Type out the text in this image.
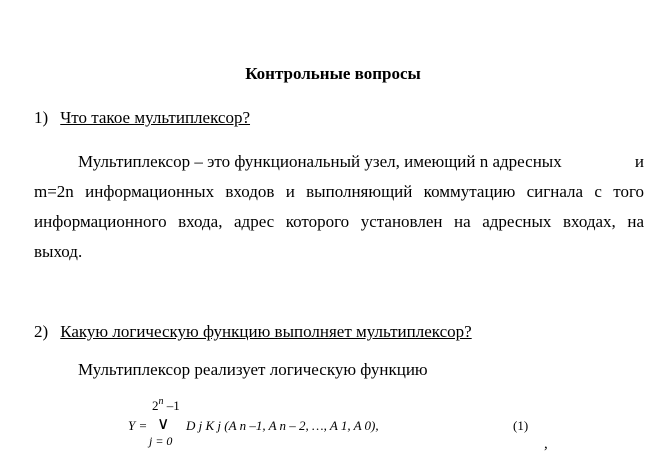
Контрольные вопросы
1) Что такое мультиплексор?
Мультиплексор – это функциональный узел, имеющий n адресных	и
m=2n информационных входов и выполняющий коммутацию сигнала с того
информационного входа, адрес которого установлен на адресных входах, на
выход.
2) Какую логическую функцию выполняет мультиплексор?
Мультиплексор реализует логическую функцию
2$^n$ –1
Y = ∨
j = 0
D j K j (A n –1, A n – 2, …, A 1, A 0),	(1)
,
